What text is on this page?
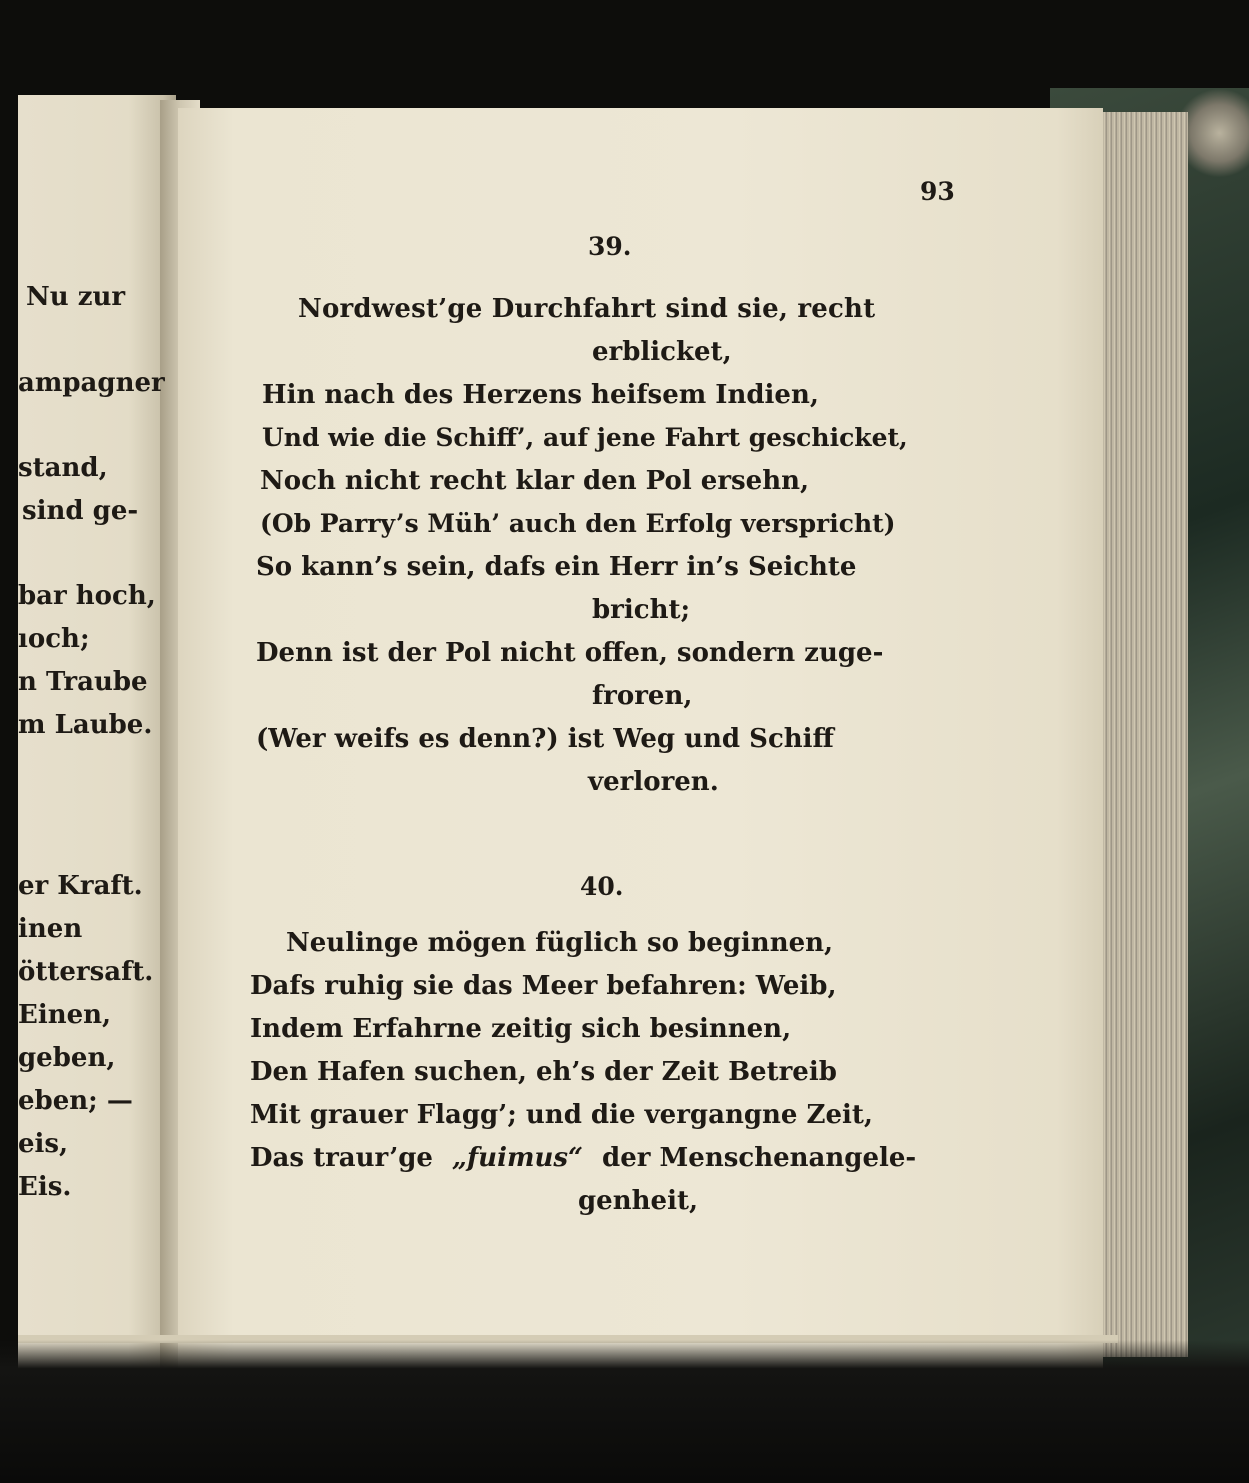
Nu zur
ampagner
stand,
sind ge-
bar hoch,
ıoch;
n Traube
m Laube.
er Kraft.
inen
öttersaft.
Einen,
geben,
eben; —
eis,
Eis.
93
39.
Nordwest’ge Durchfahrt sind sie, recht
erblicket,
Hin nach des Herzens heifsem Indien,
Und wie die Schiff’, auf jene Fahrt geschicket,
Noch nicht recht klar den Pol ersehn,
(Ob Parry’s Müh’ auch den Erfolg verspricht)
So kann’s sein, dafs ein Herr in’s Seichte
bricht;
Denn ist der Pol nicht offen, sondern zuge-
froren,
(Wer weifs es denn?) ist Weg und Schiff
verloren.
40.
Neulinge mögen füglich so beginnen,
Dafs ruhig sie das Meer befahren: Weib,
Indem Erfahrne zeitig sich besinnen,
Den Hafen suchen, eh’s der Zeit Betreib
Mit grauer Flagg’; und die vergangne Zeit,
Das traur’ge „fuimus“ der Menschenangele-
genheit,
